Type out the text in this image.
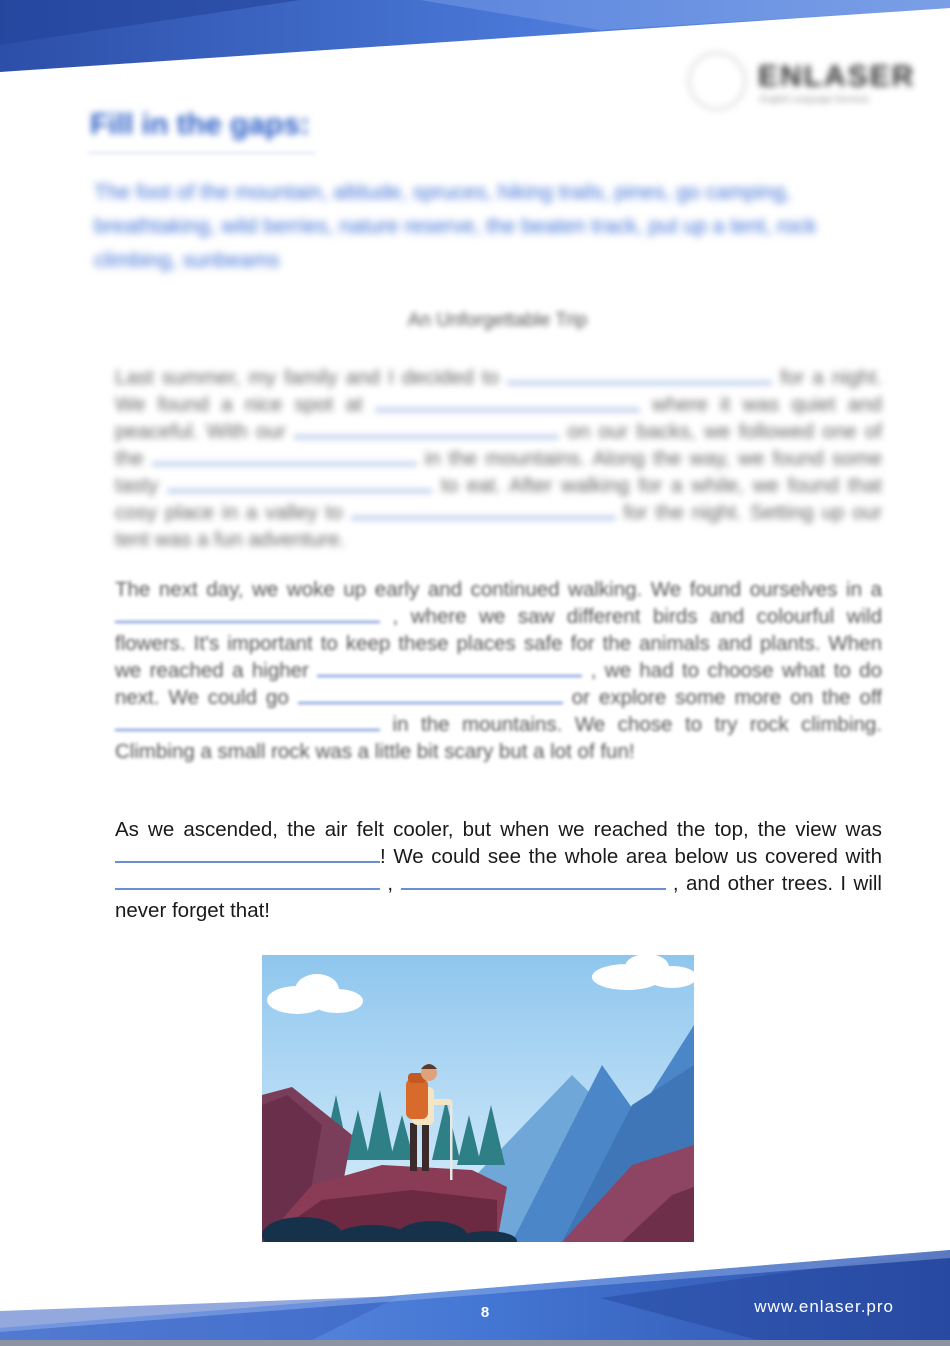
ENLASER
English Language Services
Fill in the gaps:
The foot of the mountain, altitude, spruces, hiking trails, pines, go camping, breathtaking, wild berries, nature reserve, the beaten track, put up a tent, rock climbing, sunbeams
An Unforgettable Trip

Last summer, my family and I decided to	for a night. We found a nice spot at	where it was quiet and peaceful. With our	on our backs, we followed one of the	in the mountains. Along the way, we found some tasty	to eat. After walking for a while, we found that cosy place in a valley to	for the night. Setting up our tent was a fun adventure.

The next day, we woke up early and continued walking. We found ourselves in a  , where we saw different birds and colourful wild flowers. It's important to keep these places safe for the animals and plants. When we reached a higher	, we had to choose what to do next. We could go	or explore some more on the off  in the mountains. We chose to try rock climbing. Climbing a small rock was a little bit scary but a lot of fun!

As we ascended, the air felt cooler, but when we reached the top, the view was ! We could see the whole area below us covered with  ,	, and other trees. I will never forget that!

8	www.enlaser.pro
